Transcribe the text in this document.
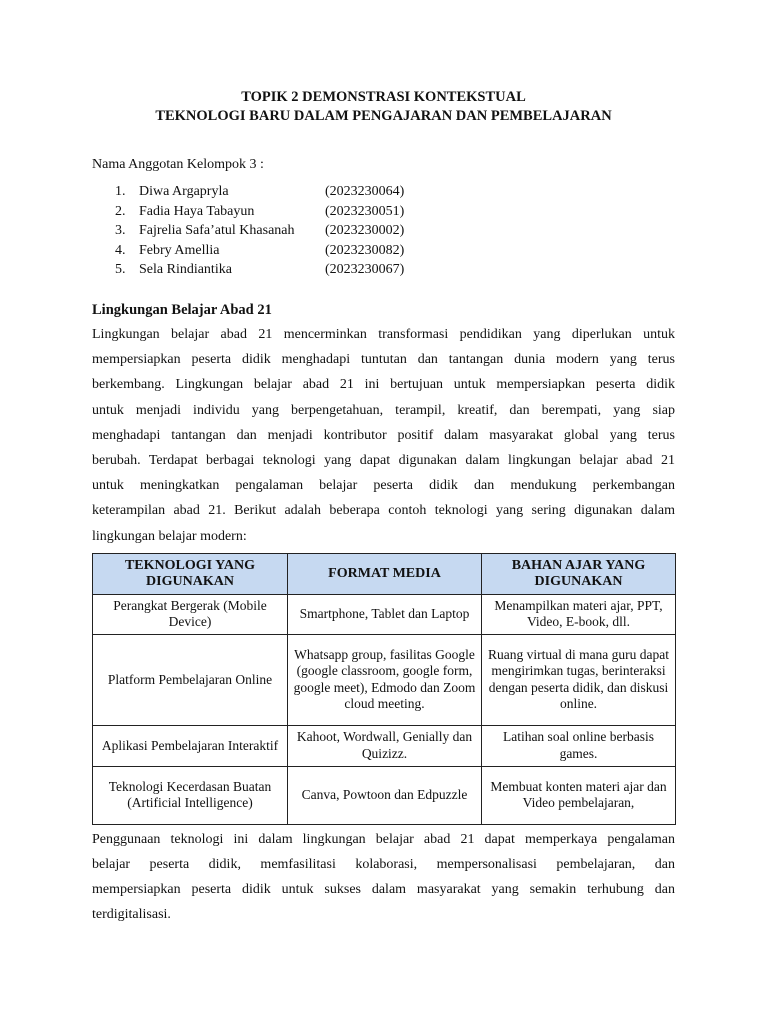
TOPIK 2 DEMONSTRASI KONTEKSTUAL
TEKNOLOGI BARU DALAM PENGAJARAN DAN PEMBELAJARAN
Nama Anggotan Kelompok 3 :
1. Diwa Argapryla	(2023230064)
2. Fadia Haya Tabayun	(2023230051)
3. Fajrelia Safa’atul Khasanah	(2023230002)
4. Febry Amellia	(2023230082)
5. Sela Rindiantika	(2023230067)
Lingkungan Belajar Abad 21
Lingkungan belajar abad 21 mencerminkan transformasi pendidikan yang diperlukan untuk
mempersiapkan peserta didik menghadapi tuntutan dan tantangan dunia modern yang terus
berkembang. Lingkungan belajar abad 21 ini bertujuan untuk mempersiapkan peserta didik
untuk menjadi individu yang berpengetahuan, terampil, kreatif, dan berempati, yang siap
menghadapi tantangan dan menjadi kontributor positif dalam masyarakat global yang terus
berubah. Terdapat berbagai teknologi yang dapat digunakan dalam lingkungan belajar abad 21
untuk meningkatkan pengalaman belajar peserta didik dan mendukung perkembangan
keterampilan abad 21. Berikut adalah beberapa contoh teknologi yang sering digunakan dalam
lingkungan belajar modern:
TEKNOLOGI YANG DIGUNAKAN	FORMAT MEDIA	BAHAN AJAR YANG DIGUNAKAN
Perangkat Bergerak (Mobile Device)	Smartphone, Tablet dan Laptop	Menampilkan materi ajar, PPT, Video, E-book, dll.
Platform Pembelajaran Online	Whatsapp group, fasilitas Google (google classroom, google form, google meet), Edmodo dan Zoom cloud meeting.	Ruang virtual di mana guru dapat mengirimkan tugas, berinteraksi dengan peserta didik, dan diskusi online.
Aplikasi Pembelajaran Interaktif	Kahoot, Wordwall, Genially dan Quizizz.	Latihan soal online berbasis games.
Teknologi Kecerdasan Buatan (Artificial Intelligence)	Canva, Powtoon dan Edpuzzle	Membuat konten materi ajar dan Video pembelajaran,
Penggunaan teknologi ini dalam lingkungan belajar abad 21 dapat memperkaya pengalaman
belajar peserta didik, memfasilitasi kolaborasi, mempersonalisasi pembelajaran, dan
mempersiapkan peserta didik untuk sukses dalam masyarakat yang semakin terhubung dan
terdigitalisasi.
